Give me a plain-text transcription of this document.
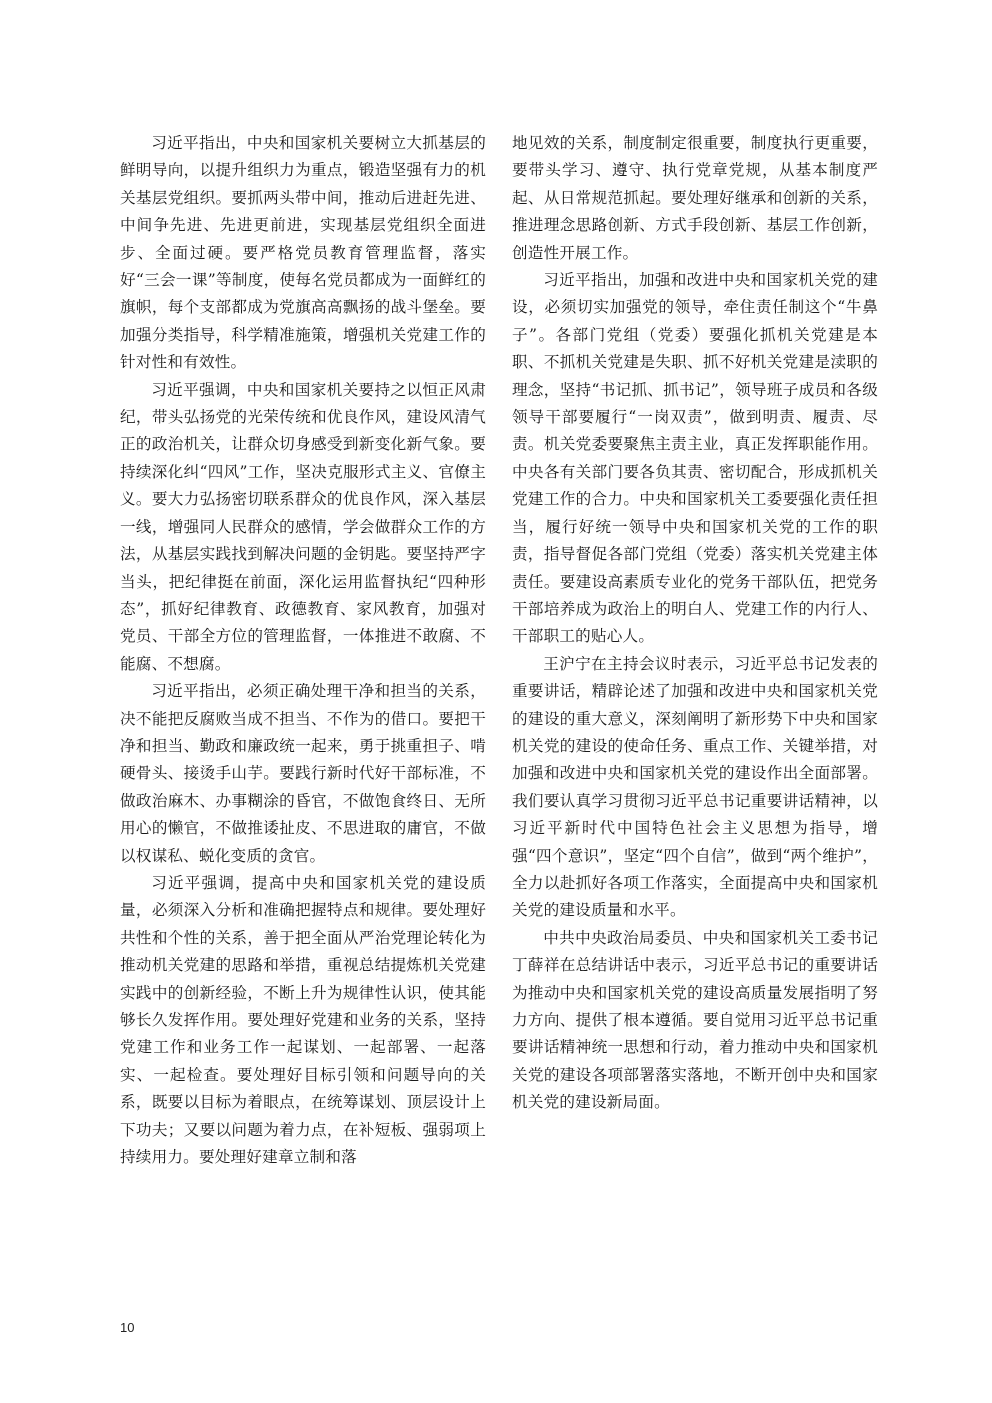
习近平指出，中央和国家机关要树立大抓基层的鲜明导向，以提升组织力为重点，锻造坚强有力的机关基层党组织。要抓两头带中间，推动后进赶先进、中间争先进、先进更前进，实现基层党组织全面进步、全面过硬。要严格党员教育管理监督，落实好“三会一课”等制度，使每名党员都成为一面鲜红的旗帜，每个支部都成为党旗高高飘扬的战斗堡垒。要加强分类指导，科学精准施策，增强机关党建工作的针对性和有效性。

习近平强调，中央和国家机关要持之以恒正风肃纪，带头弘扬党的光荣传统和优良作风，建设风清气正的政治机关，让群众切身感受到新变化新气象。要持续深化纠“四风”工作，坚决克服形式主义、官僚主义。要大力弘扬密切联系群众的优良作风，深入基层一线，增强同人民群众的感情，学会做群众工作的方法，从基层实践找到解决问题的金钥匙。要坚持严字当头，把纪律挺在前面，深化运用监督执纪“四种形态”，抓好纪律教育、政德教育、家风教育，加强对党员、干部全方位的管理监督，一体推进不敢腐、不能腐、不想腐。

习近平指出，必须正确处理干净和担当的关系，决不能把反腐败当成不担当、不作为的借口。要把干净和担当、勤政和廉政统一起来，勇于挑重担子、啃硬骨头、接烫手山芋。要践行新时代好干部标准，不做政治麻木、办事糊涂的昏官，不做饱食终日、无所用心的懒官，不做推诿扯皮、不思进取的庸官，不做以权谋私、蜕化变质的贪官。

习近平强调，提高中央和国家机关党的建设质量，必须深入分析和准确把握特点和规律。要处理好共性和个性的关系，善于把全面从严治党理论转化为推动机关党建的思路和举措，重视总结提炼机关党建实践中的创新经验，不断上升为规律性认识，使其能够长久发挥作用。要处理好党建和业务的关系，坚持党建工作和业务工作一起谋划、一起部署、一起落实、一起检查。要处理好目标引领和问题导向的关系，既要以目标为着眼点，在统筹谋划、顶层设计上下功夫；又要以问题为着力点，在补短板、强弱项上持续用力。要处理好建章立制和落

地见效的关系，制度制定很重要，制度执行更重要，要带头学习、遵守、执行党章党规，从基本制度严起、从日常规范抓起。要处理好继承和创新的关系，推进理念思路创新、方式手段创新、基层工作创新，创造性开展工作。

习近平指出，加强和改进中央和国家机关党的建设，必须切实加强党的领导，牵住责任制这个“牛鼻子”。各部门党组（党委）要强化抓机关党建是本职、不抓机关党建是失职、抓不好机关党建是渎职的理念，坚持“书记抓、抓书记”，领导班子成员和各级领导干部要履行“一岗双责”，做到明责、履责、尽责。机关党委要聚焦主责主业，真正发挥职能作用。中央各有关部门要各负其责、密切配合，形成抓机关党建工作的合力。中央和国家机关工委要强化责任担当，履行好统一领导中央和国家机关党的工作的职责，指导督促各部门党组（党委）落实机关党建主体责任。要建设高素质专业化的党务干部队伍，把党务干部培养成为政治上的明白人、党建工作的内行人、干部职工的贴心人。

王沪宁在主持会议时表示，习近平总书记发表的重要讲话，精辟论述了加强和改进中央和国家机关党的建设的重大意义，深刻阐明了新形势下中央和国家机关党的建设的使命任务、重点工作、关键举措，对加强和改进中央和国家机关党的建设作出全面部署。我们要认真学习贯彻习近平总书记重要讲话精神，以习近平新时代中国特色社会主义思想为指导，增强“四个意识”，坚定“四个自信”，做到“两个维护”，全力以赴抓好各项工作落实，全面提高中央和国家机关党的建设质量和水平。

中共中央政治局委员、中央和国家机关工委书记丁薛祥在总结讲话中表示，习近平总书记的重要讲话为推动中央和国家机关党的建设高质量发展指明了努力方向、提供了根本遵循。要自觉用习近平总书记重要讲话精神统一思想和行动，着力推动中央和国家机关党的建设各项部署落实落地，不断开创中央和国家机关党的建设新局面。

10
